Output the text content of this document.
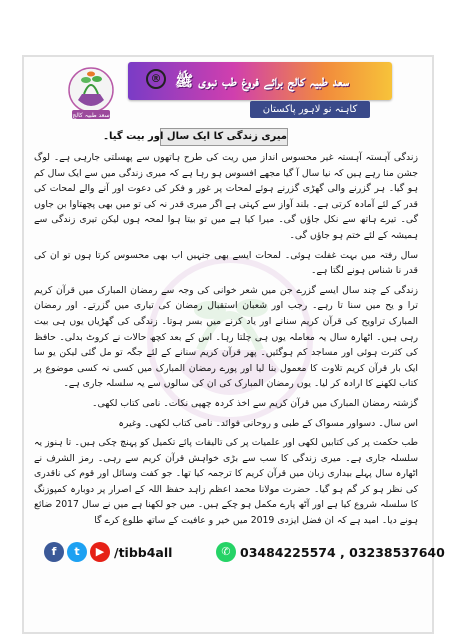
سعد طبیہ کالج
سعد طبیہ کالج برائے فروغ طب نبوی ﷺ
®
کاہنہ نو لاہور پاکستان
میری زندگی کا ایک سال اور بیت گیا۔

زندگی آہستہ آہستہ غیر محسوس انداز میں ریت کی طرح ہاتھوں سے پھسلتی جارہی ہے۔ لوگ جشن منا رہے ہیں کہ نیا سال آ گیا مجھے افسوس ہو رہا ہے کہ میری زندگی میں سے ایک سال کم ہو گیا۔ ہر گزرنے والی گھڑی گزرنے ہوئے لمحات پر غور و فکر کی دعوت اور آنے والے لمحات کی قدر کے لئے آمادہ کرتی ہے۔ بلند آواز سے کہتی ہے اگر میری قدر نہ کی تو میں بھی پچھتاوا بن جاوں گی۔ تیرے ہاتھ سے نکل جاؤں گی۔ میرا کیا ہے میں تو بیتا ہوا لمحہ ہوں لیکن تیری زندگی سے ہمیشہ کے لئے ختم ہو جاؤں گی۔

سال رفتہ میں بہت غفلت ہوئی۔ لمحات ایسے بھی جنہیں اب بھی محسوس کرتا ہوں تو ان کی قدر نا شناس ہونے لگتا ہے۔

زندگی کے چند سال ایسے گزرے جن میں شعر خوانی کی وجہ سے رمضان المبارک میں قرآن کریم ترا و یح میں سنا تا رہے۔ رجب اور شعبان استقبال رمضان کی تیاری میں گزرتے۔ اور رمضان المبارک تراویح کی قرآن کریم سنانے اور یاد کرنے میں بسر ہوتا۔ زندگی کی گھڑیاں یوں ہی بیت رہی ہیں۔ اٹھارہ سال یہ معاملہ یوں ہی چلتا رہا۔ اس کے بعد کچھ حالات نے کروٹ بدلی۔ حافظ کی کثرت ہوئی اور مساجد کم ہوگئیں۔ پھر قرآن کریم سنانے کے لئے جگہ تو مل گئی لیکن یو سا ایک بار قرآن کریم تلاوت کا معمول بنا لیا اور پورے رمضان المبارک میں کسی نہ کسی موضوع پر کتاب لکھنے کا ارادہ کر لیا۔ یوں رمضان المبارک کی ان کی سالوں سے یہ سلسلہ جاری ہے۔

گزشتہ رمضان المبارک میں قرآن کریم سے اخذ کردہ چھپی نکات۔ نامی کتاب لکھی۔

اس سال۔ دسواور مسواک کے طبی و روحانی فوائد۔ نامی کتاب لکھی۔ وغیرہ

طب حکمت پر کی کتابیں لکھی اور علمیات پر کی تالیفات پائے تکمیل کو پہنچ چکی ہیں۔ تا ہنوز یہ سلسلہ جاری ہے۔ میری زندگی کا سب سے بڑی خواہش قرآن کریم سے رہی۔ رمز الشرف نے اٹھارہ سال پہلے بیداری زبان میں قرآن کریم کا ترجمہ کیا تھا۔ جو کفت وسائل اور قوم کی ناقدری کی نظر ہو کر گم ہو گیا۔ حضرت مولانا محمد اعظم زاہد حفظ اللہ کے اصرار پر دوبارہ کمپوزنگ کا سلسلہ شروع کیا ہے اور آٹھ پارے مکمل ہو چکے ہیں۔ میں جو لکھنا ہے میں نے سال 2017 ضائع ہونے دیا۔ امید ہے کہ ان فضل ایزدی 2019 میں خیر و عافیت کے ساتھ طلوع کرے گا

f	t	▶ /tibb4all	✆ 03484225574 , 03238537640
